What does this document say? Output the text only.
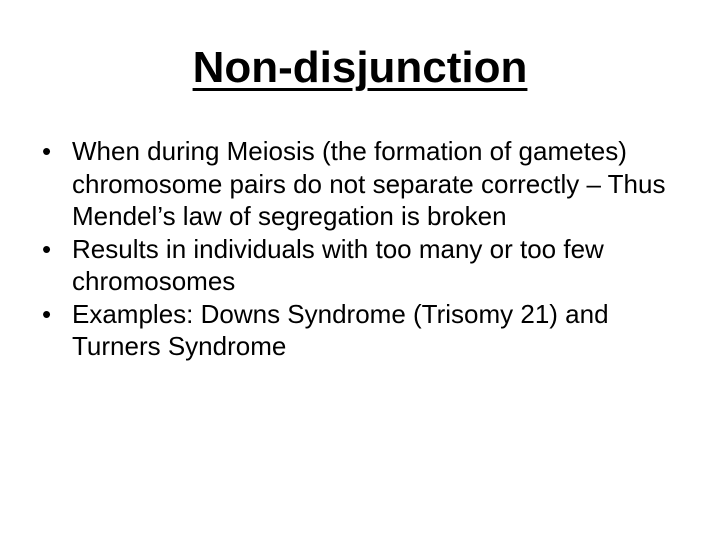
Non-disjunction
• When during Meiosis (the formation of gametes) chromosome pairs do not separate correctly – Thus Mendel’s law of segregation is broken
• Results in individuals with too many or too few chromosomes
• Examples: Downs Syndrome (Trisomy 21) and Turners Syndrome
